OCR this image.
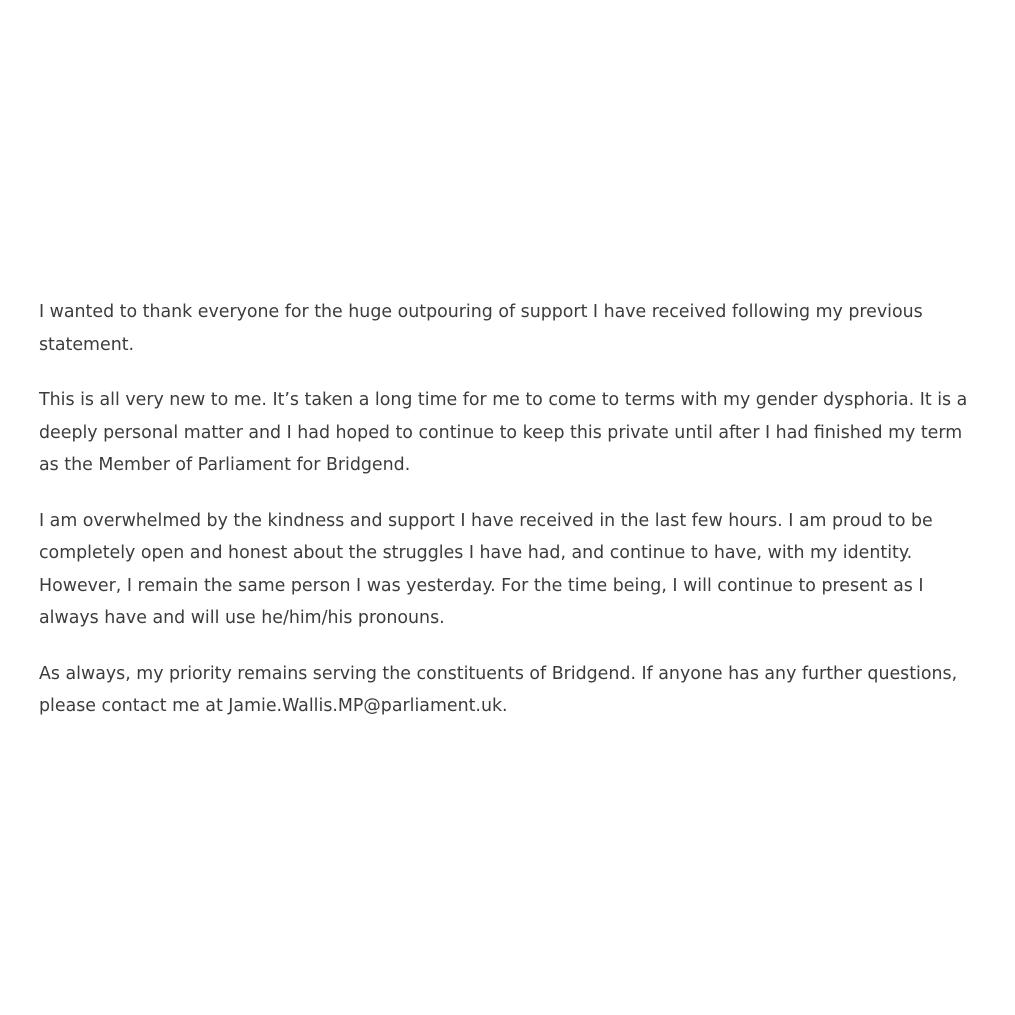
I wanted to thank everyone for the huge outpouring of support I have received following my previous statement.

This is all very new to me. It’s taken a long time for me to come to terms with my gender dysphoria. It is a deeply personal matter and I had hoped to continue to keep this private until after I had finished my term as the Member of Parliament for Bridgend.

I am overwhelmed by the kindness and support I have received in the last few hours. I am proud to be completely open and honest about the struggles I have had, and continue to have, with my identity. However, I remain the same person I was yesterday. For the time being, I will continue to present as I always have and will use he/him/his pronouns.

As always, my priority remains serving the constituents of Bridgend. If anyone has any further questions, please contact me at Jamie.Wallis.MP@parliament.uk.
